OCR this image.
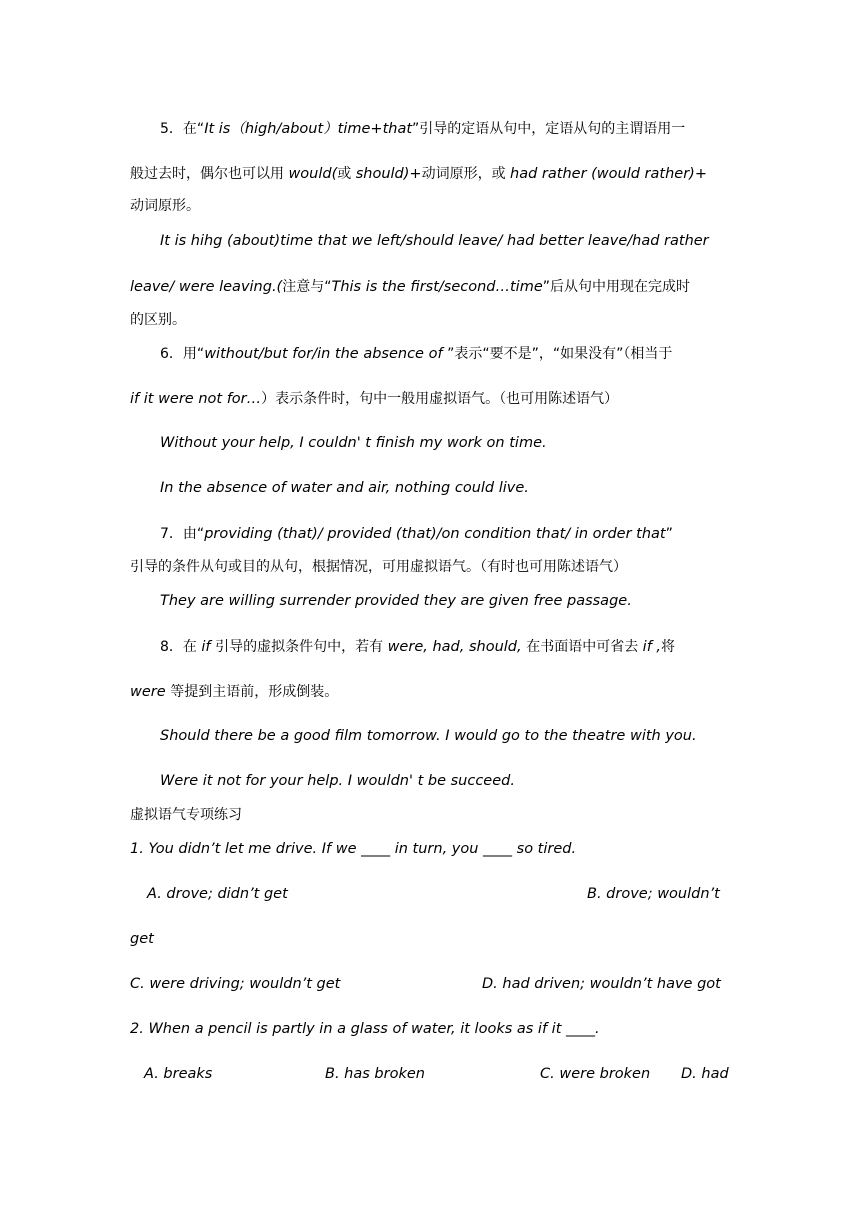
5．在“It is（high/about）time+that”引导的定语从句中，定语从句的主谓语用一
般过去时，偶尔也可以用 would(或 should)+动词原形，或 had rather (would rather)+
动词原形。
It is hihg (about)time that we left/should leave/ had better leave/had rather
leave/ were leaving.(注意与“This is the first/second…time”后从句中用现在完成时
的区别。
6．用“without/but for/in the absence of ”表示“要不是”，“如果没有”（相当于
if it were not for…）表示条件时，句中一般用虚拟语气。（也可用陈述语气）
Without your help, I couldn' t finish my work on time.
In the absence of water and air, nothing could live.
7．由“providing (that)/ provided (that)/on condition that/ in order that”
引导的条件从句或目的从句，根据情况，可用虚拟语气。（有时也可用陈述语气）
They are willing surrender provided they are given free passage.
8．在 if 引导的虚拟条件句中，若有 were, had, should, 在书面语中可省去 if ,将
were 等提到主语前，形成倒装。
Should there be a good film tomorrow. I would go to the theatre with you.
Were it not for your help. I wouldn' t be succeed.
虚拟语气专项练习
1. You didn’t let me drive. If we ____ in turn, you ____ so tired.
A. drove; didn’t get	B. drove; wouldn’t
get
C. were driving; wouldn’t get	D. had driven; wouldn’t have got
2. When a pencil is partly in a glass of water, it looks as if it ____.
A. breaks	B. has broken	C. were broken D. had
